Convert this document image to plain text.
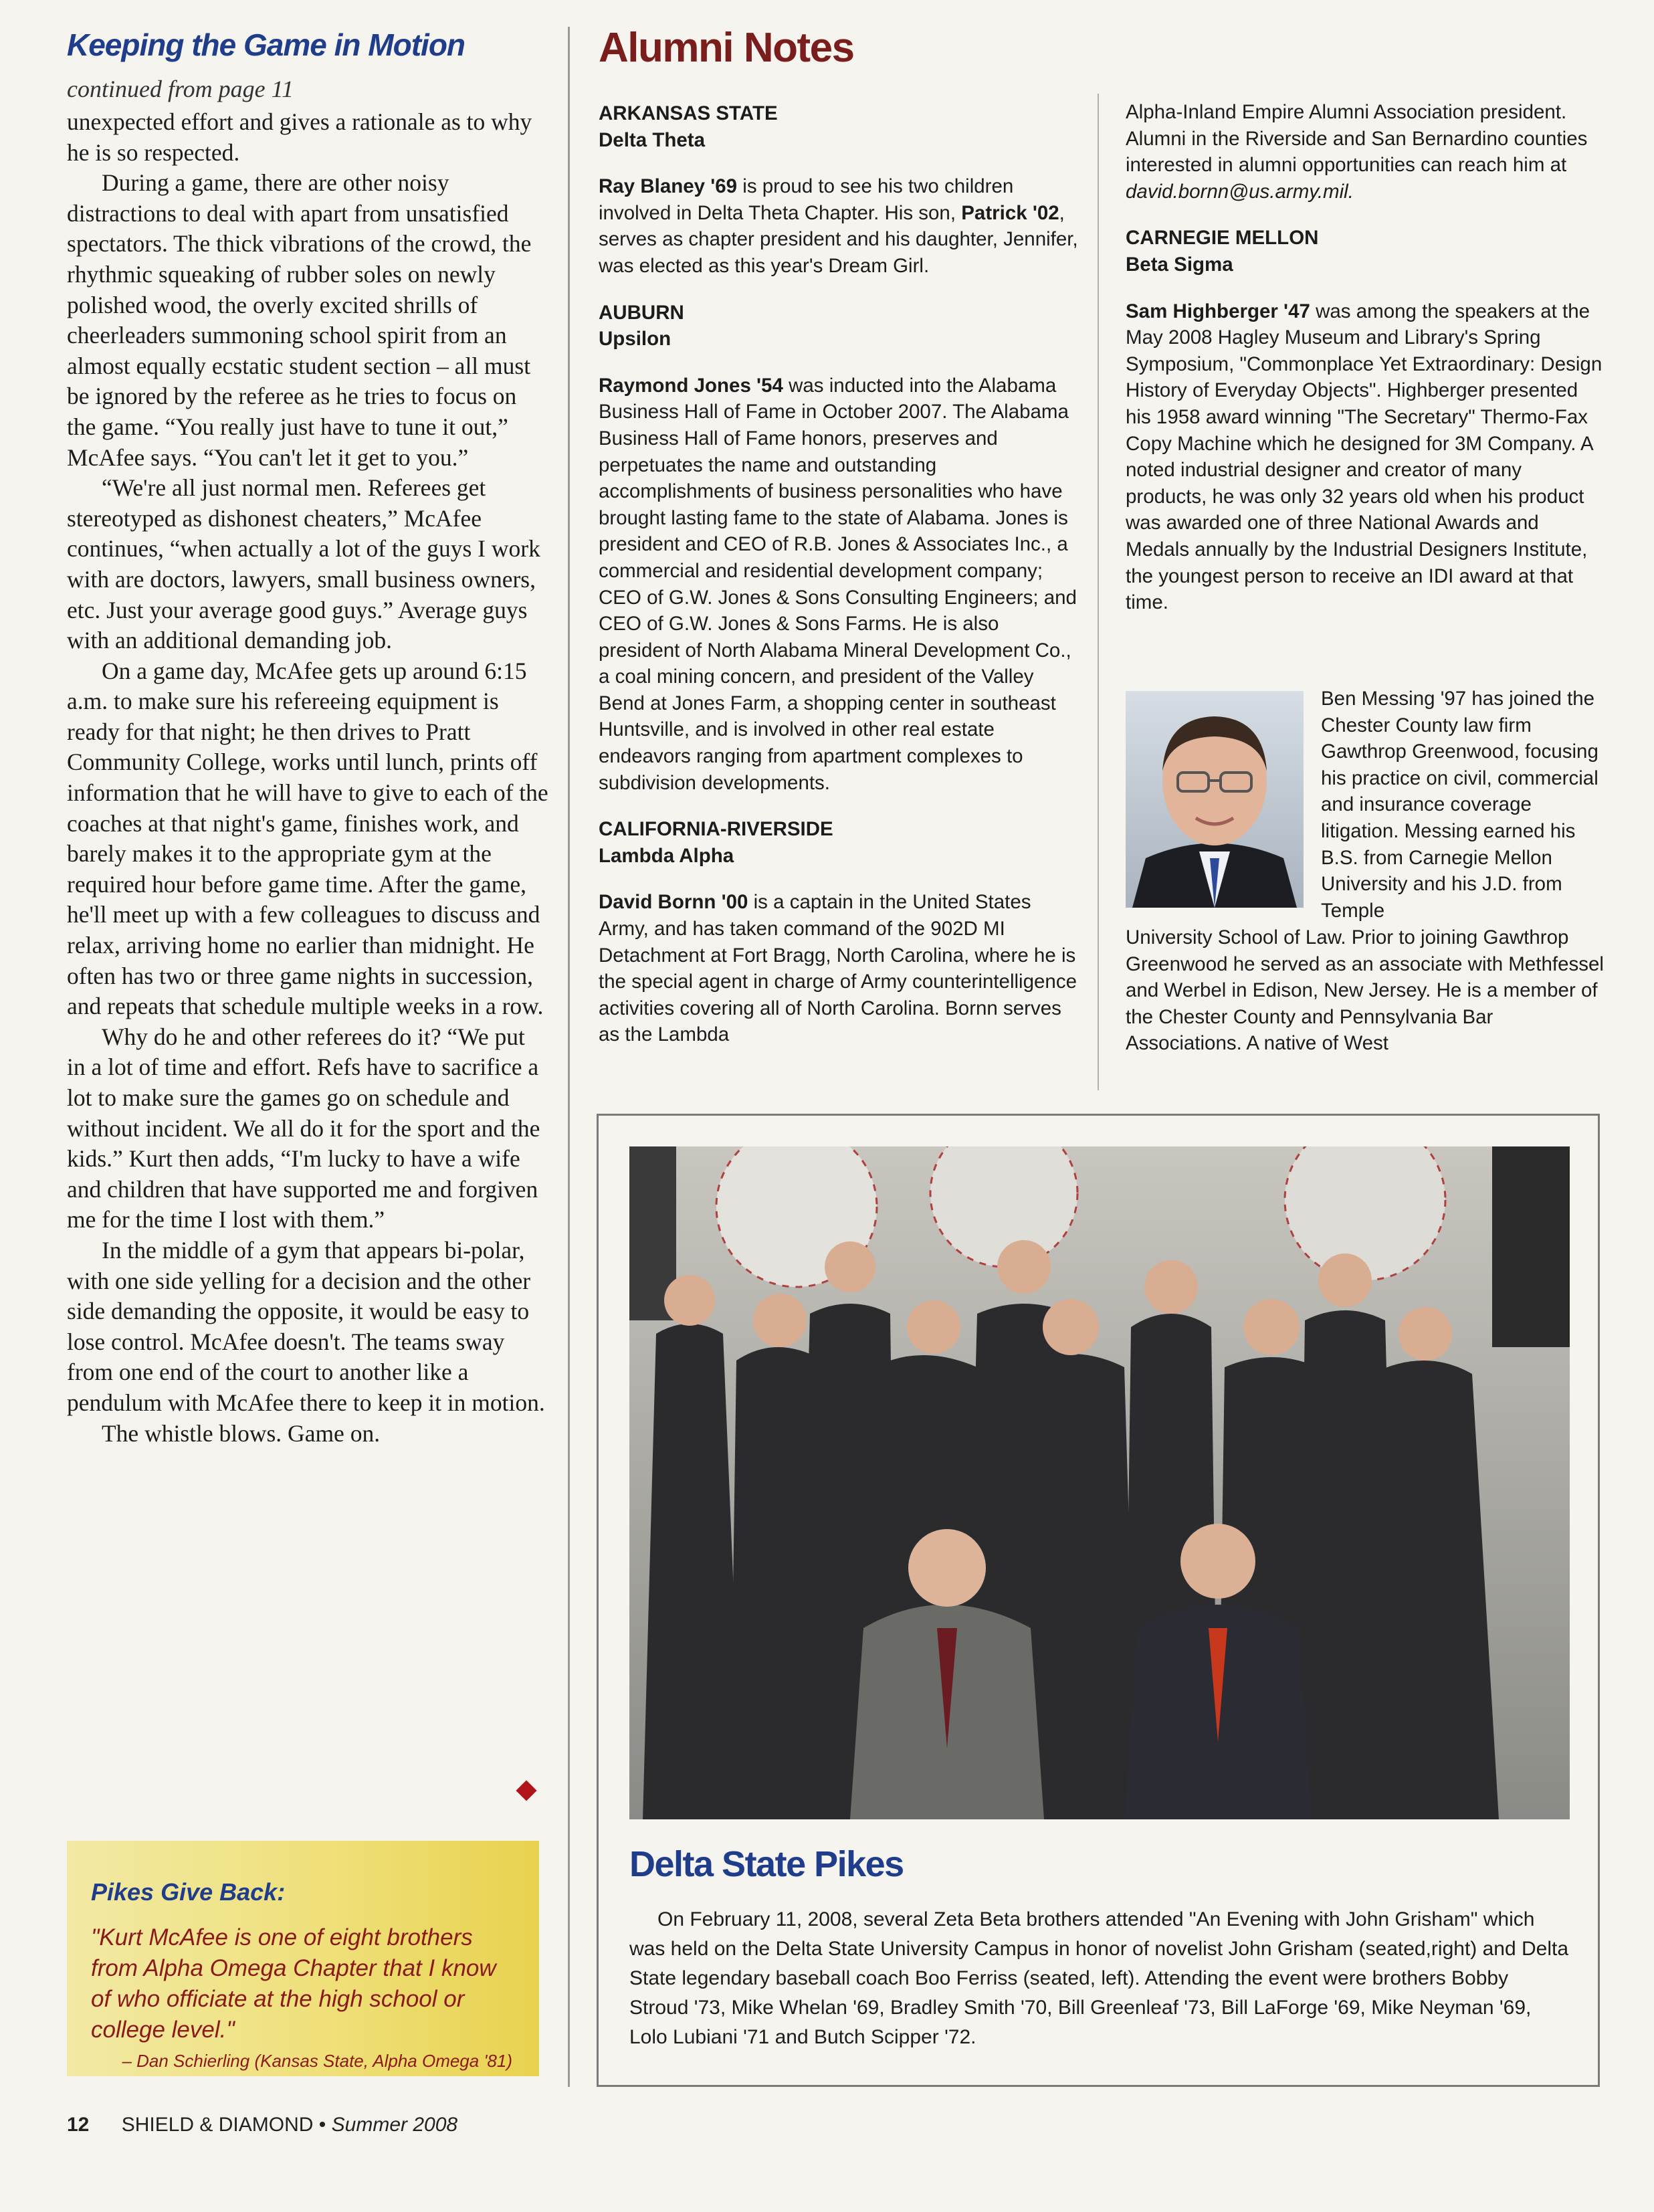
Keeping the Game in Motion
continued from page 11

unexpected effort and gives a rationale as to why he is so respected.

During a game, there are other noisy distractions to deal with apart from unsatisfied spectators. The thick vibrations of the crowd, the rhythmic squeaking of rubber soles on newly polished wood, the overly excited shrills of cheerleaders summoning school spirit from an almost equally ecstatic student section – all must be ignored by the referee as he tries to focus on the game. “You really just have to tune it out,” McAfee says. “You can't let it get to you.”

“We're all just normal men. Referees get stereotyped as dishonest cheaters,” McAfee continues, “when actually a lot of the guys I work with are doctors, lawyers, small business owners, etc. Just your average good guys.” Average guys with an additional demanding job.

On a game day, McAfee gets up around 6:15 a.m. to make sure his refereeing equipment is ready for that night; he then drives to Pratt Community College, works until lunch, prints off information that he will have to give to each of the coaches at that night's game, finishes work, and barely makes it to the appropriate gym at the required hour before game time. After the game, he'll meet up with a few colleagues to discuss and relax, arriving home no earlier than midnight. He often has two or three game nights in succession, and repeats that schedule multiple weeks in a row.

Why do he and other referees do it? “We put in a lot of time and effort. Refs have to sacrifice a lot to make sure the games go on schedule and without incident. We all do it for the sport and the kids.” Kurt then adds, “I'm lucky to have a wife and children that have supported me and forgiven me for the time I lost with them.”

In the middle of a gym that appears bi-polar, with one side yelling for a decision and the other side demanding the opposite, it would be easy to lose control. McAfee doesn't. The teams sway from one end of the court to another like a pendulum with McAfee there to keep it in motion.

The whistle blows. Game on.

Pikes Give Back:

"Kurt McAfee is one of eight brothers from Alpha Omega Chapter that I know of who officiate at the high school or college level."

– Dan Schierling (Kansas State, Alpha Omega '81)

12 SHIELD & DIAMOND • Summer 2008
Alumni Notes
ARKANSAS STATE
Delta Theta

Ray Blaney '69 is proud to see his two children involved in Delta Theta Chapter. His son, Patrick '02, serves as chapter president and his daughter, Jennifer, was elected as this year's Dream Girl.

AUBURN
Upsilon

Raymond Jones '54 was inducted into the Alabama Business Hall of Fame in October 2007. The Alabama Business Hall of Fame honors, preserves and perpetuates the name and outstanding accomplishments of business personalities who have brought lasting fame to the state of Alabama. Jones is president and CEO of R.B. Jones & Associates Inc., a commercial and residential development company; CEO of G.W. Jones & Sons Consulting Engineers; and CEO of G.W. Jones & Sons Farms. He is also president of North Alabama Mineral Development Co., a coal mining concern, and president of the Valley Bend at Jones Farm, a shopping center in southeast Huntsville, and is involved in other real estate endeavors ranging from apartment complexes to subdivision developments.

CALIFORNIA-RIVERSIDE
Lambda Alpha

David Bornn '00 is a captain in the United States Army, and has taken command of the 902D MI Detachment at Fort Bragg, North Carolina, where he is the special agent in charge of Army counterintelligence activities covering all of North Carolina. Bornn serves as the Lambda

Alpha-Inland Empire Alumni Association president. Alumni in the Riverside and San Bernardino counties interested in alumni opportunities can reach him at david.bornn@us.army.mil.

CARNEGIE MELLON
Beta Sigma

Sam Highberger '47 was among the speakers at the May 2008 Hagley Museum and Library's Spring Symposium, "Commonplace Yet Extraordinary: Design History of Everyday Objects". Highberger presented his 1958 award winning "The Secretary" Thermo-Fax Copy Machine which he designed for 3M Company. A noted industrial designer and creator of many products, he was only 32 years old when his product was awarded one of three National Awards and Medals annually by the Industrial Designers Institute, the youngest person to receive an IDI award at that time.

Ben Messing '97 has joined the Chester County law firm Gawthrop Greenwood, focusing his practice on civil, commercial and insurance coverage litigation. Messing earned his B.S. from Carnegie Mellon University and his J.D. from Temple
University School of Law. Prior to joining Gawthrop Greenwood he served as an associate with Methfessel and Werbel in Edison, New Jersey. He is a member of the Chester County and Pennsylvania Bar Associations. A native of West
Delta State Pikes

On February 11, 2008, several Zeta Beta brothers attended "An Evening with John Grisham" which was held on the Delta State University Campus in honor of novelist John Grisham (seated,right) and Delta State legendary baseball coach Boo Ferriss (seated, left). Attending the event were brothers Bobby Stroud '73, Mike Whelan '69, Bradley Smith '70, Bill Greenleaf '73, Bill LaForge '69, Mike Neyman '69, Lolo Lubiani '71 and Butch Scipper '72.
